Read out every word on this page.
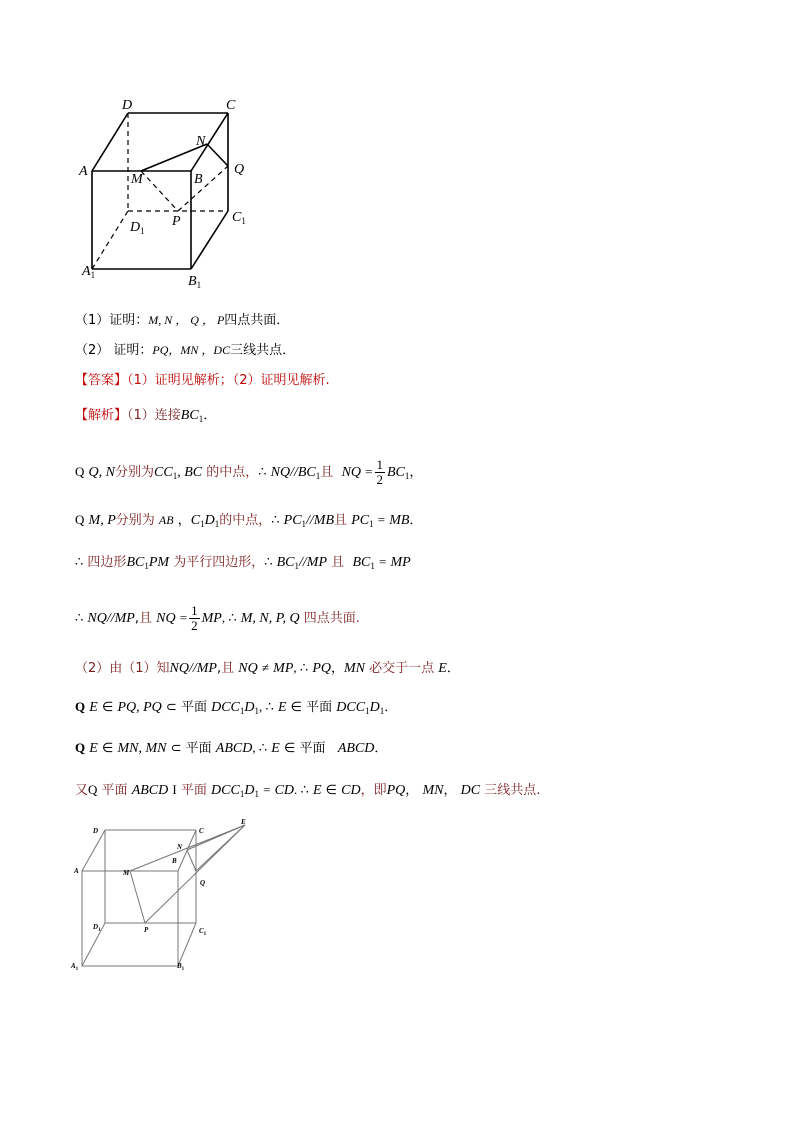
D	C
N
A
M	B
Q
P	$C_1$
$D_1$
$A_1$	$B_1$
（1）证明：M, N ， Q ， P四点共面．
（2） 证明：PQ，MN ，DC三线共点．
【答案】（1）证明见解析；（2）证明见解析.
【解析】（1）连接$BC_1$．
Q Q, N分别为$CC_1$, BC 的中点，∴ $NQ//BC_1$且 NQ = $\frac{1}{2} BC_1$，
Q M, P分别为 AB ，$C_1D_1$的中点，∴ $PC_1//MB$且 $PC_1$ = MB．
∴ 四边形$BC_1PM$ 为平行四边形，∴ $BC_1//MP$ 且 $BC_1$ = MP
∴ NQ//MP,且 NQ = $\frac{1}{2}$ MP, ∴ M, N, P, Q 四点共面.
（2）由（1）知NQ//MP,且 NQ ≠ MP, ∴ PQ，MN 必交于一点 E．
Q E ∈ PQ, PQ ⊂ 平面 $DCC_1D_1$, ∴ E ∈ 平面 $DCC_1D_1$．
Q E ∈ MN, MN ⊂ 平面 ABCD, ∴ E ∈ 平面 ABCD．
又Q 平面 ABCD I 平面 $DCC_1D_1$ = CD. ∴ E ∈ CD，即PQ， MN， DC 三线共点.
D	C
E
N
B
A	M
Q
$D_1$	P	$C_1$
$A_1$	$B_1$
